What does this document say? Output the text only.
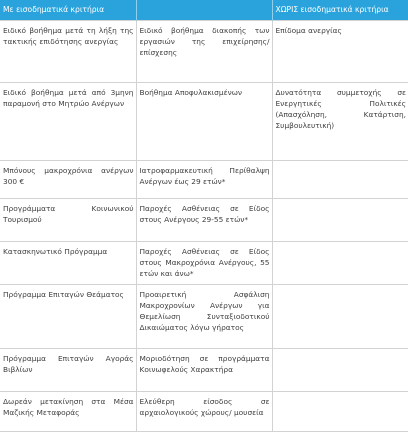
Με εισοδηματικά κριτήρια		ΧΩΡΙΣ εισοδηματικά κριτήρια
Ειδικό βοήθημα μετά τη λήξη της τακτικής επιδότησης ανεργίας	Ειδικό βοήθημα διακοπής των εργασιών της επιχείρησης/επίσχεσης	Επίδομα ανεργίας
Ειδικό βοήθημα μετά από 3μηνη παραμονή στο Μητρώο Ανέργων	Βοήθημα Αποφυλακισμένων	Δυνατότητα συμμετοχής σε Ενεργητικές Πολιτικές (Απασχόληση, Κατάρτιση, Συμβουλευτική)
Μπόνους μακροχρόνια ανέργων 300 €	Ιατροφαρμακευτική Περίθαλψη Ανέργων έως 29 ετών*	
Προγράμματα Κοινωνικού Τουρισμού	Παροχές Ασθένειας σε Είδος στους Ανέργους 29-55 ετών*	
Κατασκηνωτικό Πρόγραμμα	Παροχές Ασθένειας σε Είδος στους Μακροχρόνια Ανέργους, 55 ετών και άνω*	
Πρόγραμμα Επιταγών Θεάματος	Προαιρετική Ασφάλιση Μακροχρονίων Ανέργων για Θεμελίωση Συνταξιοδοτικού Δικαιώματος λόγω γήρατος	
Πρόγραμμα Επιταγών Αγοράς Βιβλίων	Μοριοδότηση σε προγράμματα Κοινωφελούς Χαρακτήρα	
Δωρεάν μετακίνηση στα Μέσα Μαζικής Μεταφοράς	Ελεύθερη είσοδος σε αρχαιολογικούς χώρους/ μουσεία	
